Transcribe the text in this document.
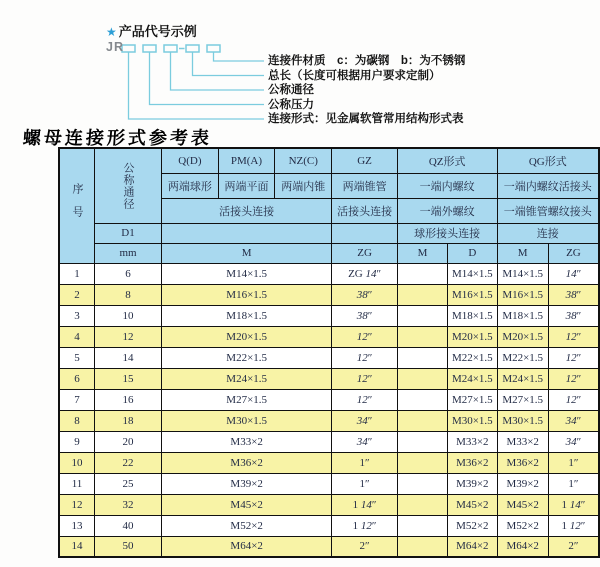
★ 产品代号示例
JR
连接件材质　c：为碳钢　b：为不锈钢
总长（长度可根据用户要求定制）
公称通径
公称压力
连接形式：见金属软管常用结构形式表
螺母连接形式参考表
序号	公称通径	Q(D)	PM(A)	NZ(C)	GZ	QZ形式		QG形式	
		两端球形	两端平面	两端内锥	两端锥管	一端内螺纹		一端内螺纹活接头	
		活接头连接			活接头连接	一端外螺纹		一端锥管螺纹接头	
	D1					球形接头连接		连接	
	mm	M			ZG	M	D	M	ZG
1	6	M14×1.5			ZG 14″		M14×1.5	M14×1.5	14″
2	8	M16×1.5			38″		M16×1.5	M16×1.5	38″
3	10	M18×1.5			38″		M18×1.5	M18×1.5	38″
4	12	M20×1.5			12″		M20×1.5	M20×1.5	12″
5	14	M22×1.5			12″		M22×1.5	M22×1.5	12″
6	15	M24×1.5			12″		M24×1.5	M24×1.5	12″
7	16	M27×1.5			12″		M27×1.5	M27×1.5	12″
8	18	M30×1.5			34″		M30×1.5	M30×1.5	34″
9	20	M33×2			34″		M33×2	M33×2	34″
10	22	M36×2			1″		M36×2	M36×2	1″
11	25	M39×2			1″		M39×2	M39×2	1″
12	32	M45×2			1 14″		M45×2	M45×2	1 14″
13	40	M52×2			1 12″		M52×2	M52×2	1 12″
14	50	M64×2			2″		M64×2	M64×2	2″
